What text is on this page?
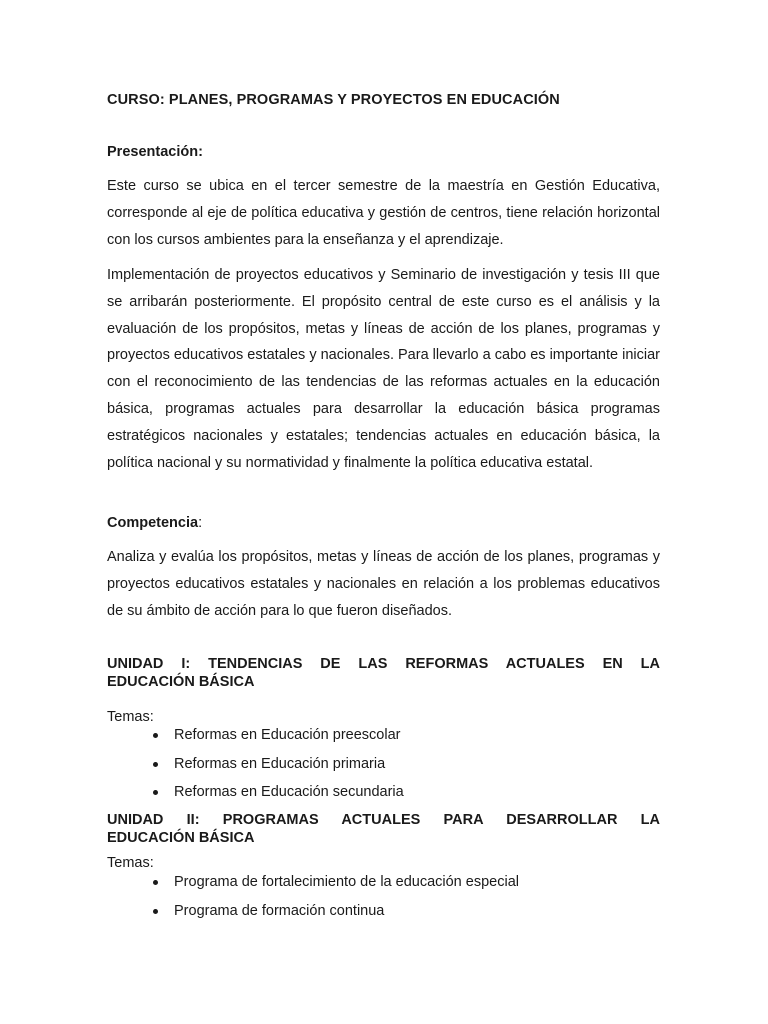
CURSO: PLANES, PROGRAMAS Y PROYECTOS EN EDUCACIÓN

Presentación:

Este curso se ubica en el tercer semestre de la maestría en Gestión Educativa, corresponde al eje de política educativa y gestión de centros, tiene relación horizontal con los cursos ambientes para la enseñanza y el aprendizaje.

Implementación de proyectos educativos y Seminario de investigación y tesis III que se arribarán posteriormente. El propósito central de este curso es el análisis y la evaluación de los propósitos, metas y líneas de acción de los planes, programas y proyectos educativos estatales y nacionales. Para llevarlo a cabo es importante iniciar con el reconocimiento de las tendencias de las reformas actuales en la educación básica, programas actuales para desarrollar la educación básica programas estratégicos nacionales y estatales; tendencias actuales en educación básica, la política nacional y su normatividad y finalmente la política educativa estatal.

Competencia:

Analiza y evalúa los propósitos, metas y líneas de acción de los planes, programas y proyectos educativos estatales y nacionales en relación a los problemas educativos de su ámbito de acción para lo que fueron diseñados.

UNIDAD I: TENDENCIAS DE LAS REFORMAS ACTUALES EN LA
EDUCACIÓN BÁSICA

Temas:

Reformas en Educación preescolar
Reformas en Educación primaria
Reformas en Educación secundaria
UNIDAD II: PROGRAMAS ACTUALES PARA DESARROLLAR LA
EDUCACIÓN BÁSICA

Temas:

Programa de fortalecimiento de la educación especial
Programa de formación continua
